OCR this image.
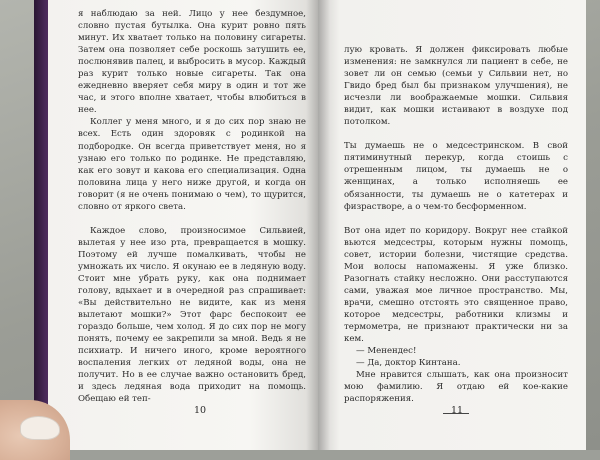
я наблюдаю за ней. Лицо у нее бездумное, словно пустая бутылка. Она курит ровно пять минут. Их хватает только на половину сигареты. Затем она позволяет себе роскошь затушить ее, послюнявив палец, и выбросить в мусор. Каждый раз курит только новые сигареты. Так она ежедневно вверяет себя миру в один и тот же час, и этого вполне хватает, чтобы влюбиться в нее.

Коллег у меня много, и я до сих пор знаю не всех. Есть один здоровяк с родинкой на подбородке. Он всегда приветствует меня, но я узнаю его только по родинке. Не представляю, как его зовут и какова его специализация. Одна половина лица у него ниже другой, и когда он говорит (я не очень понимаю о чем), то щурится, словно от яркого света.

Каждое слово, произносимое Сильвией, вылетая у нее изо рта, превращается в мошку. Поэтому ей лучше помалкивать, чтобы не умножать их число. Я окунаю ее в ледяную воду. Стоит мне убрать руку, как она поднимает голову, вдыхает и в очередной раз спрашивает: «Вы действительно не видите, как из меня вылетают мошки?» Этот фарс беспокоит ее гораздо больше, чем холод. Я до сих пор не могу понять, почему ее закрепили за мной. Ведь я не психиатр. И ничего иного, кроме вероятного воспаления легких от ледяной воды, она не получит. Но в ее случае важно остановить бред, и здесь ледяная вода приходит на помощь. Обещаю ей теп-

10

лую кровать. Я должен фиксировать любые изменения: не замкнулся ли пациент в себе, не зовет ли он семью (семьи у Сильвии нет, но Гвидо бред был бы признаком улучшения), не исчезли ли воображаемые мошки. Сильвия видит, как мошки истаивают в воздухе под потолком.

Ты думаешь не о медсестринском. В свой пятиминутный перекур, когда стоишь с отрешенным лицом, ты думаешь не о женщинах, а только исполняешь ее обязанности, ты думаешь не о катетерах и физрастворе, а о чем-то бесформенном.

Вот она идет по коридору. Вокруг нее стайкой вьются медсестры, которым нужны помощь, совет, истории болезни, чистящие средства. Мои волосы напомажены. Я уже близко. Разогнать стайку несложно. Они расступаются сами, уважая мое личное пространство. Мы, врачи, смешно отстоять это священное право, которое медсестры, работники клизмы и термометра, не признают практически ни за кем.

— Менендес!

— Да, доктор Кинтана.

Мне нравится слышать, как она произносит мою фамилию. Я отдаю ей кое-какие распоряжения.

11
